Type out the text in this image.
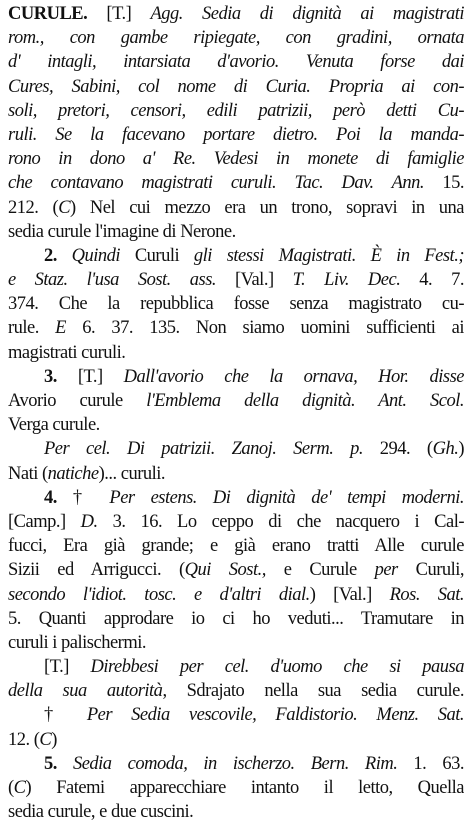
CURULE. [T.] Agg. Sedia di dignità ai magistrati
rom., con gambe ripiegate, con gradini, ornata
d' intagli, intarsiata d'avorio. Venuta forse dai
Cures, Sabini, col nome di Curia. Propria ai con-
soli, pretori, censori, edili patrizii, però detti Cu-
ruli. Se la facevano portare dietro. Poi la manda-
rono in dono a' Re. Vedesi in monete di famiglie
che contavano magistrati curuli. Tac. Dav. Ann. 15.
212. (C) Nel cui mezzo era un trono, sopravi in una
sedia curule l'imagine di Nerone.
2. Quindi Curuli gli stessi Magistrati. È in Fest.;
e Staz. l'usa Sost. ass. [Val.] T. Liv. Dec. 4. 7.
374. Che la repubblica fosse senza magistrato cu-
rule. E 6. 37. 135. Non siamo uomini sufficienti ai
magistrati curuli.
3. [T.] Dall'avorio che la ornava, Hor. disse
Avorio curule l'Emblema della dignità. Ant. Scol.
Verga curule.
Per cel. Di patrizii. Zanoj. Serm. p. 294. (Gh.)
Nati (natiche)... curuli.
4. † Per estens. Di dignità de' tempi moderni.
[Camp.] D. 3. 16. Lo ceppo di che nacquero i Cal-
fucci, Era già grande; e già erano tratti Alle curule
Sizii ed Arrigucci. (Qui Sost., e Curule per Curuli,
secondo l'idiot. tosc. e d'altri dial.) [Val.] Ros. Sat.
5. Quanti approdare io ci ho veduti... Tramutare in
curuli i palischermi.
[T.] Direbbesi per cel. d'uomo che si pausa
della sua autorità, Sdrajato nella sua sedia curule.
† Per Sedia vescovile, Faldistorio. Menz. Sat.
12. (C)
5. Sedia comoda, in ischerzo. Bern. Rim. 1. 63.
(C) Fatemi apparecchiare intanto il letto, Quella
sedia curule, e due cuscini.
